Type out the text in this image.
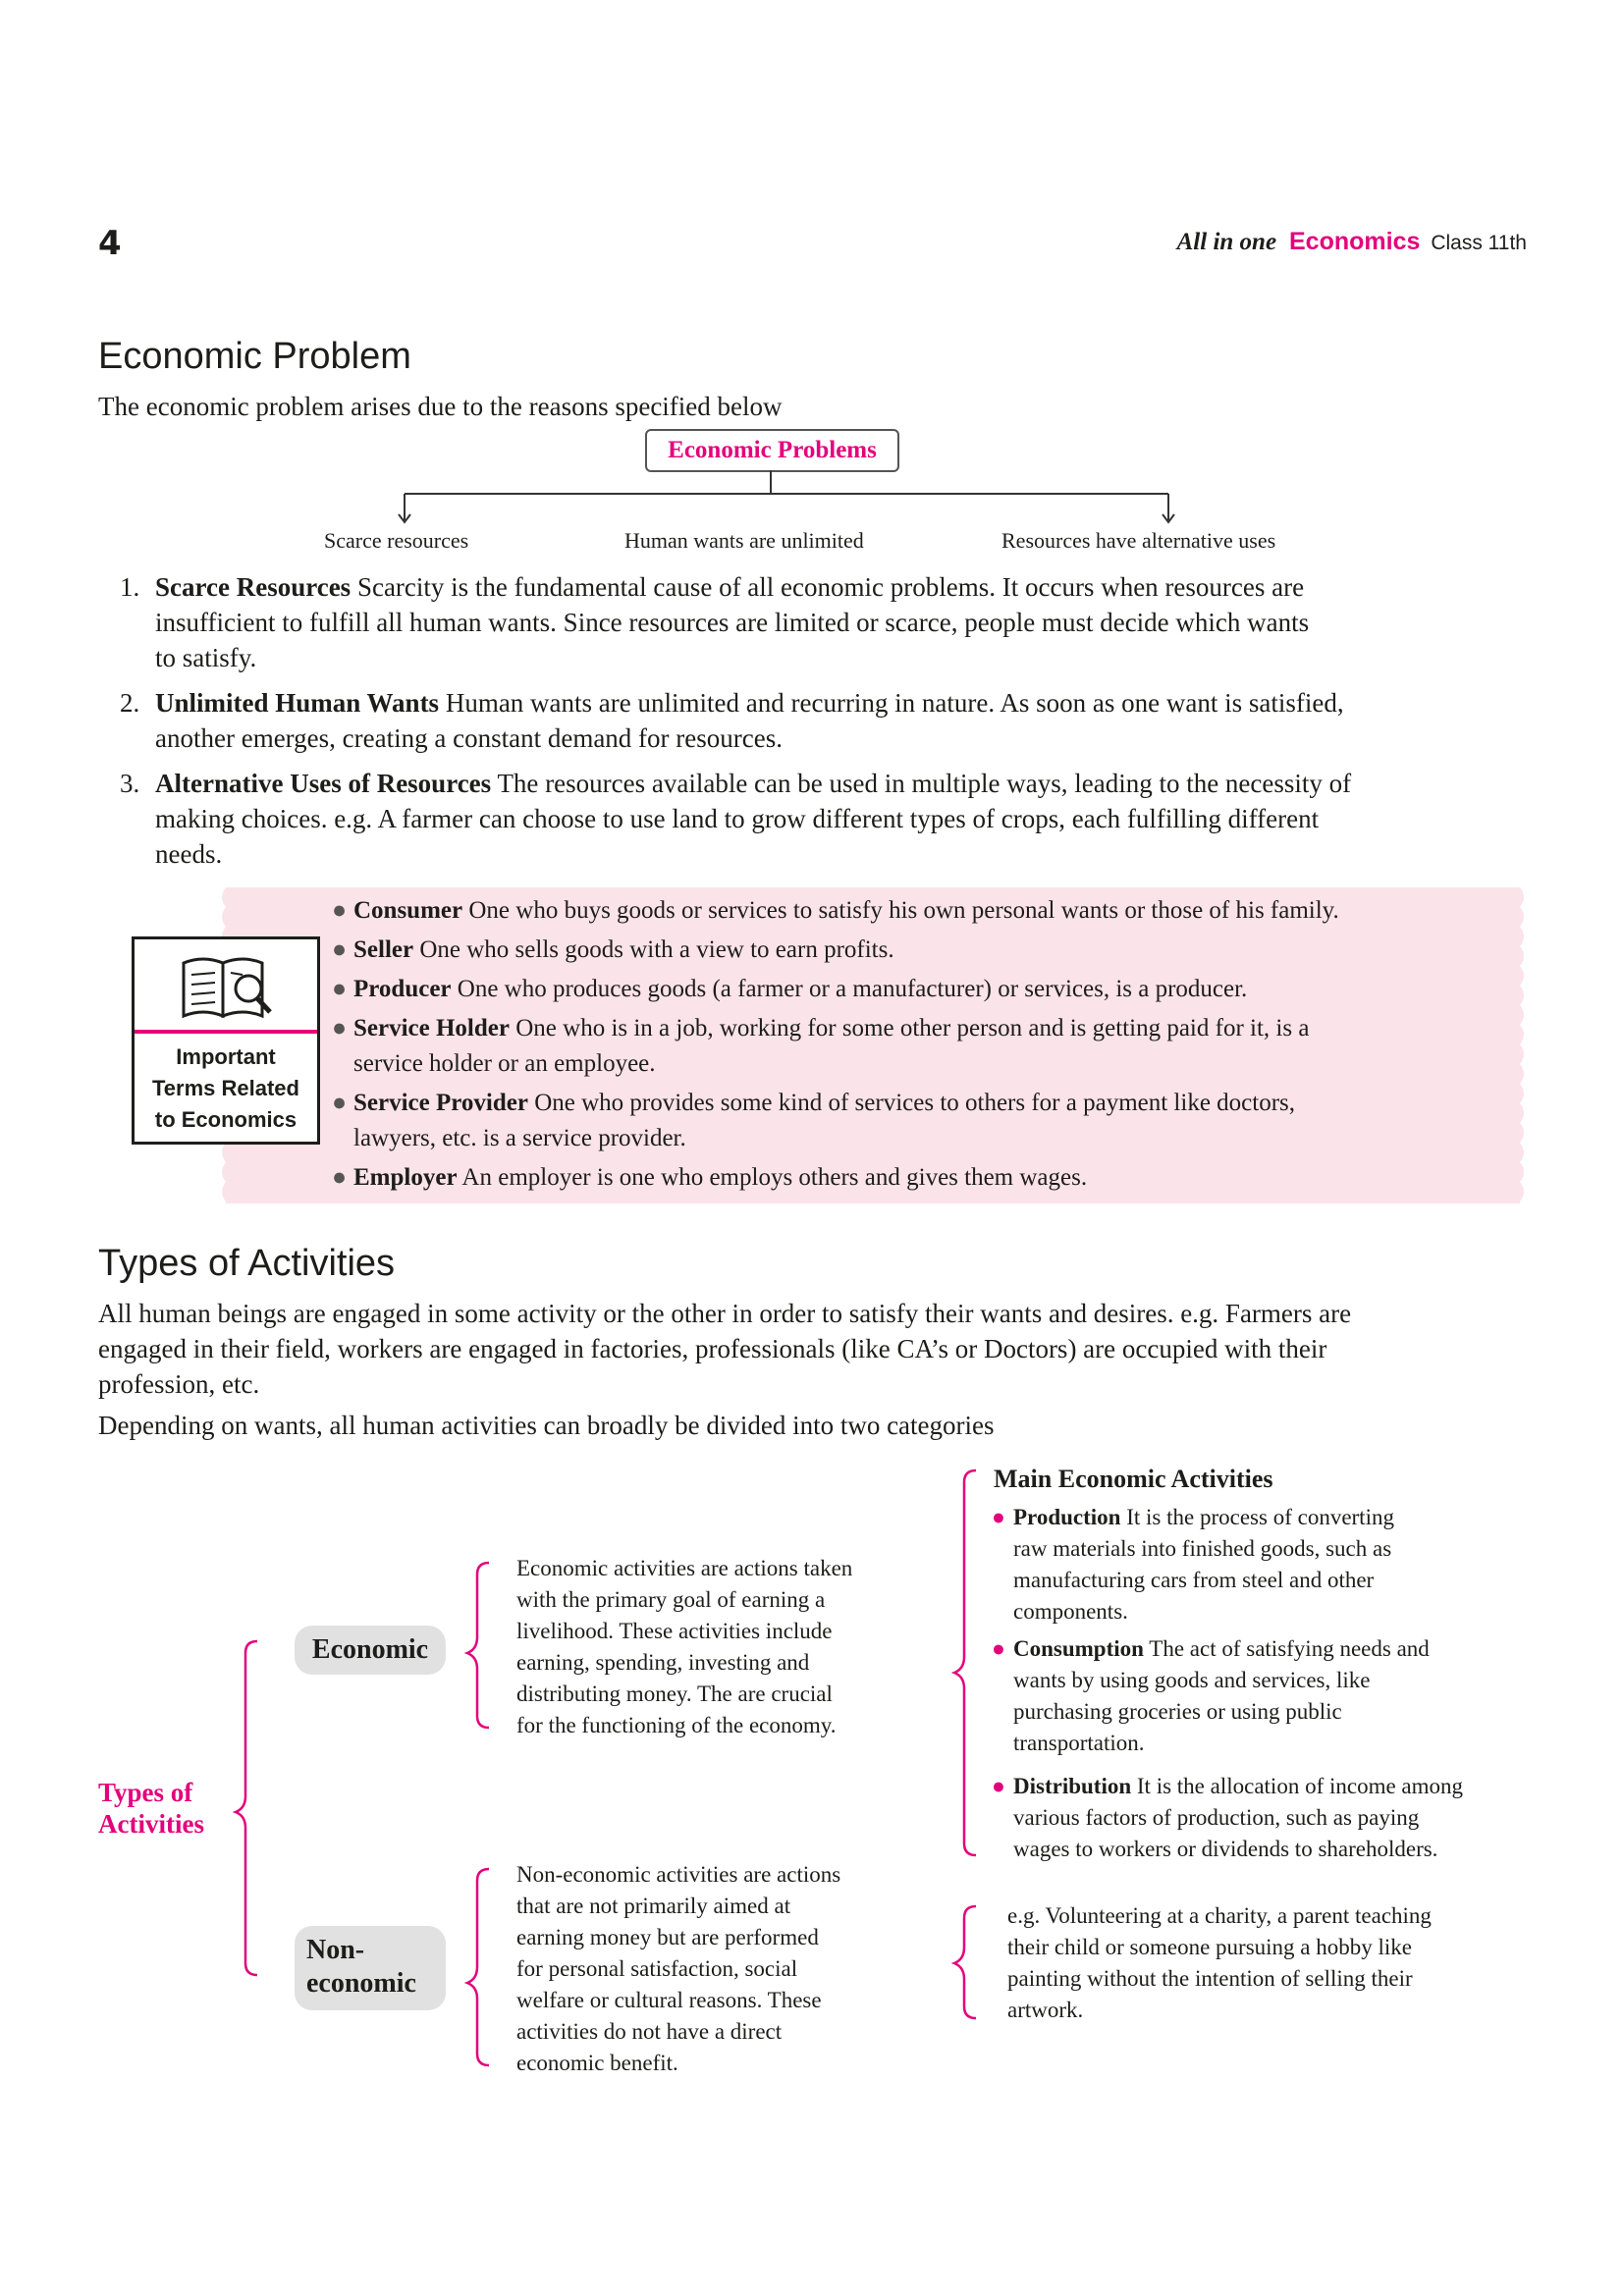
4	All in one Economics Class 11th
Economic Problem
The economic problem arises due to the reasons specified below
Economic Problems
Scarce resources	Human wants are unlimited	Resources have alternative uses
1. Scarce Resources Scarcity is the fundamental cause of all economic problems. It occurs when resources are
insufficient to fulfill all human wants. Since resources are limited or scarce, people must decide which wants
to satisfy.
2. Unlimited Human Wants Human wants are unlimited and recurring in nature. As soon as one want is satisfied,
another emerges, creating a constant demand for resources.
3. Alternative Uses of Resources The resources available can be used in multiple ways, leading to the necessity of
making choices. e.g. A farmer can choose to use land to grow different types of crops, each fulfilling different
needs.
Important
Terms Related
to Economics
● Consumer One who buys goods or services to satisfy his own personal wants or those of his family.
● Seller One who sells goods with a view to earn profits.
● Producer One who produces goods (a farmer or a manufacturer) or services, is a producer.
● Service Holder One who is in a job, working for some other person and is getting paid for it, is a
service holder or an employee.
● Service Provider One who provides some kind of services to others for a payment like doctors,
lawyers, etc. is a service provider.
● Employer An employer is one who employs others and gives them wages.
Types of Activities
All human beings are engaged in some activity or the other in order to satisfy their wants and desires. e.g. Farmers are
engaged in their field, workers are engaged in factories, professionals (like CA’s or Doctors) are occupied with their
profession, etc.
Depending on wants, all human activities can broadly be divided into two categories
Types of
Activities
Economic
Non-
economic
Economic activities are actions taken
with the primary goal of earning a
livelihood. These activities include
earning, spending, investing and
distributing money. The are crucial
for the functioning of the economy.
Non-economic activities are actions
that are not primarily aimed at
earning money but are performed
for personal satisfaction, social
welfare or cultural reasons. These
activities do not have a direct
economic benefit.
Main Economic Activities
● Production It is the process of converting
raw materials into finished goods, such as
manufacturing cars from steel and other
components.
● Consumption The act of satisfying needs and
wants by using goods and services, like
purchasing groceries or using public
transportation.
● Distribution It is the allocation of income among
various factors of production, such as paying
wages to workers or dividends to shareholders.
e.g. Volunteering at a charity, a parent teaching
their child or someone pursuing a hobby like
painting without the intention of selling their
artwork.
